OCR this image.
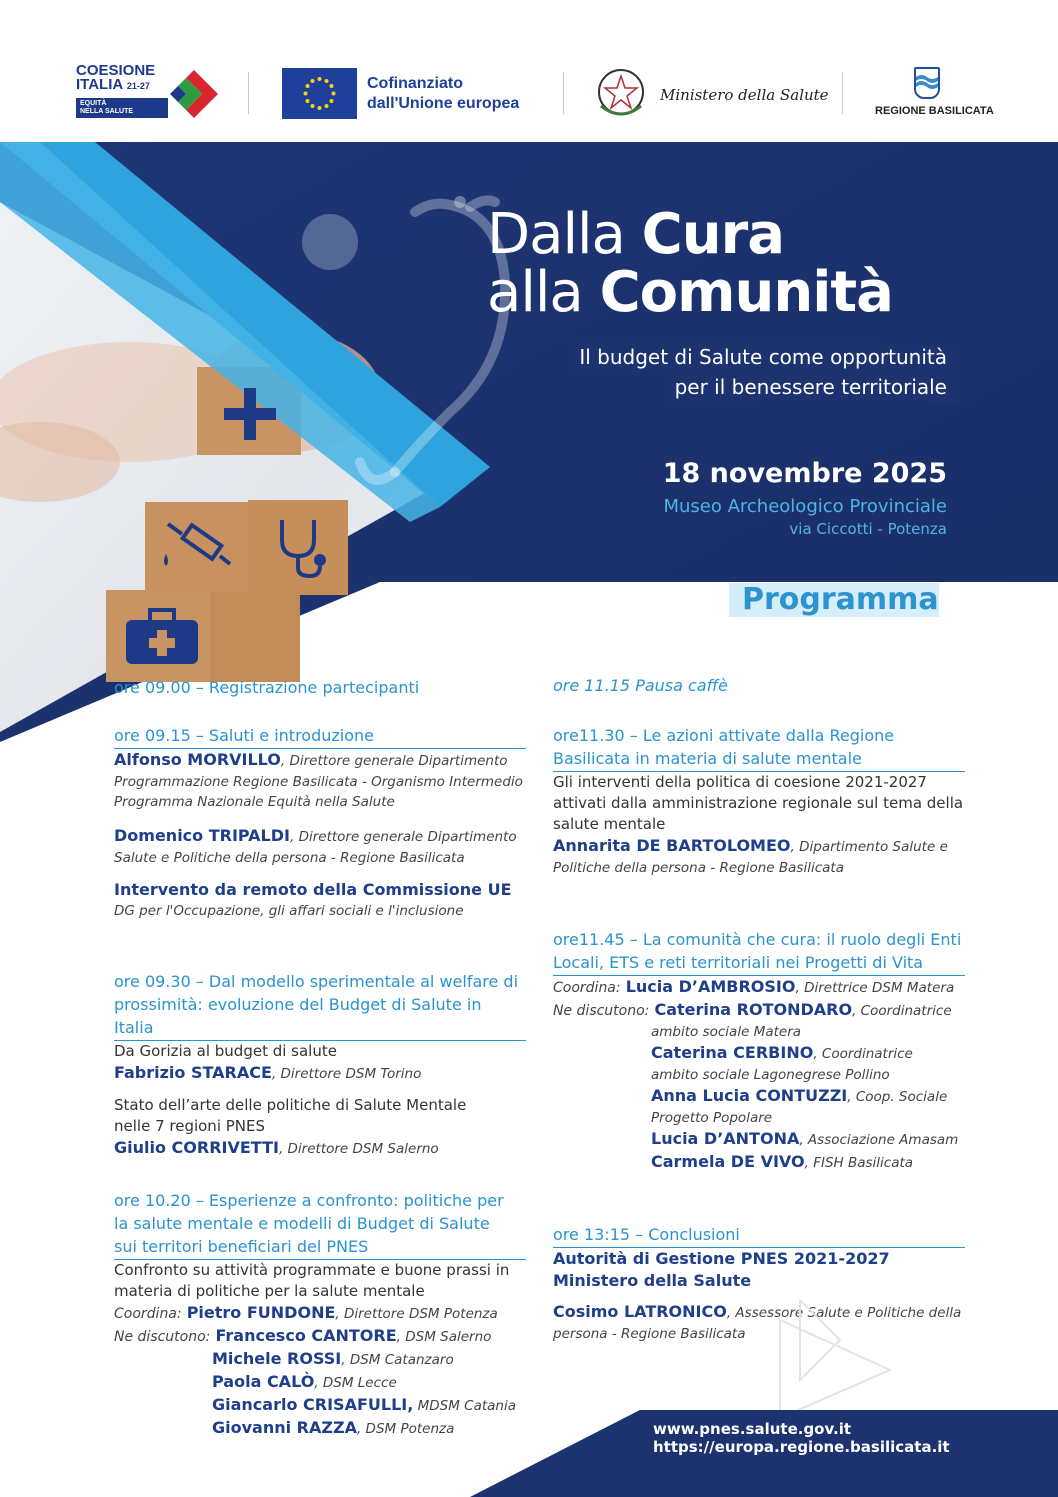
COESIONE
ITALIA 21-27
EQUITÀ
NELLA SALUTE
Cofinanziato
dall'Unione europea	Ministero della Salute
REGIONE BASILICATA
Dalla Cura
alla Comunità
Il budget di Salute come opportunità
per il benessere territoriale
18 novembre 2025
Museo Archeologico Provinciale
via Ciccotti - Potenza
Programma
ore 09.00 – Registrazione partecipanti
ore 09.15 – Saluti e introduzione
Alfonso MORVILLO, Direttore generale Dipartimento
Programmazione Regione Basilicata - Organismo Intermedio
Programma Nazionale Equità nella Salute
Domenico TRIPALDI, Direttore generale Dipartimento
Salute e Politiche della persona - Regione Basilicata
Intervento da remoto della Commissione UE
DG per l'Occupazione, gli affari sociali e l'inclusione
ore 09.30 – Dal modello sperimentale al welfare di
prossimità: evoluzione del Budget di Salute in Italia
Da Gorizia al budget di salute
Fabrizio STARACE, Direttore DSM Torino
Stato dell’arte delle politiche di Salute Mentale
nelle 7 regioni PNES
Giulio CORRIVETTI, Direttore DSM Salerno
ore 10.20 – Esperienze a confronto: politiche per
la salute mentale e modelli di Budget di Salute
sui territori beneficiari del PNES
Confronto su attività programmate e buone prassi in
materia di politiche per la salute mentale
Coordina: Pietro FUNDONE, Direttore DSM Potenza
Ne discutono: Francesco CANTORE, DSM Salerno
Michele ROSSI, DSM Catanzaro
Paola CALÒ, DSM Lecce
Giancarlo CRISAFULLI, MDSM Catania
Giovanni RAZZA, DSM Potenza
ore 11.15 Pausa caffè
ore11.30 – Le azioni attivate dalla Regione
Basilicata in materia di salute mentale
Gli interventi della politica di coesione 2021-2027
attivati dalla amministrazione regionale sul tema della
salute mentale
Annarita DE BARTOLOMEO, Dipartimento Salute e
Politiche della persona - Regione Basilicata
ore11.45 – La comunità che cura: il ruolo degli Enti
Locali, ETS e reti territoriali nei Progetti di Vita
Coordina: Lucia D’AMBROSIO, Direttrice DSM Matera
Ne discutono: Caterina ROTONDARO, Coordinatrice
ambito sociale Matera
Caterina CERBINO, Coordinatrice
ambito sociale Lagonegrese Pollino
Anna Lucia CONTUZZI, Coop. Sociale
Progetto Popolare
Lucia D’ANTONA, Associazione Amasam
Carmela DE VIVO, FISH Basilicata
ore 13:15 – Conclusioni
Autorità di Gestione PNES 2021-2027
Ministero della Salute
Cosimo LATRONICO, Assessore Salute e Politiche della
persona - Regione Basilicata
www.pnes.salute.gov.it
https://europa.regione.basilicata.it
